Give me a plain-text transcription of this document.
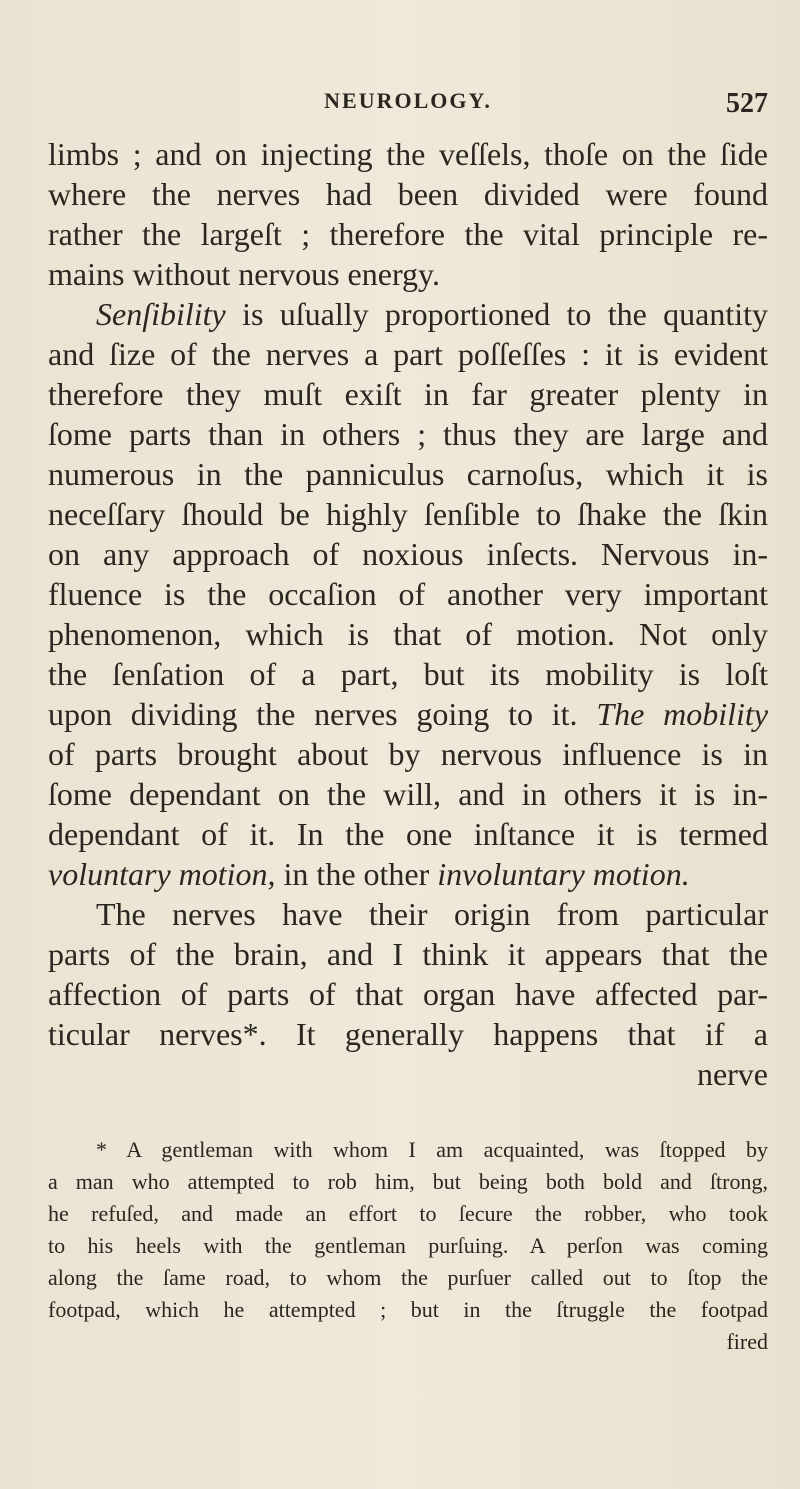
NEUROLOGY.	527
limbs ; and on injecting the veſſels, thoſe on the ſide
where the nerves had been divided were found
rather the largeſt ; therefore the vital principle re-
mains without nervous energy.
Senſibility is uſually proportioned to the quantity
and ſize of the nerves a part poſſeſſes : it is evident
therefore they muſt exiſt in far greater plenty in
ſome parts than in others ; thus they are large and
numerous in the panniculus carnoſus, which it is
neceſſary ſhould be highly ſenſible to ſhake the ſkin
on any approach of noxious inſects. Nervous in-
fluence is the occaſion of another very important
phenomenon, which is that of motion. Not only
the ſenſation of a part, but its mobility is loſt
upon dividing the nerves going to it. The mobility
of parts brought about by nervous influence is in
ſome dependant on the will, and in others it is in-
dependant of it. In the one inſtance it is termed
voluntary motion, in the other involuntary motion.
The nerves have their origin from particular
parts of the brain, and I think it appears that the
affection of parts of that organ have affected par-
ticular nerves*. It generally happens that if a
nerve
* A gentleman with whom I am acquainted, was ſtopped by
a man who attempted to rob him, but being both bold and ſtrong,
he refuſed, and made an effort to ſecure the robber, who took
to his heels with the gentleman purſuing. A perſon was coming
along the ſame road, to whom the purſuer called out to ſtop the
footpad, which he attempted ; but in the ſtruggle the footpad
fired
